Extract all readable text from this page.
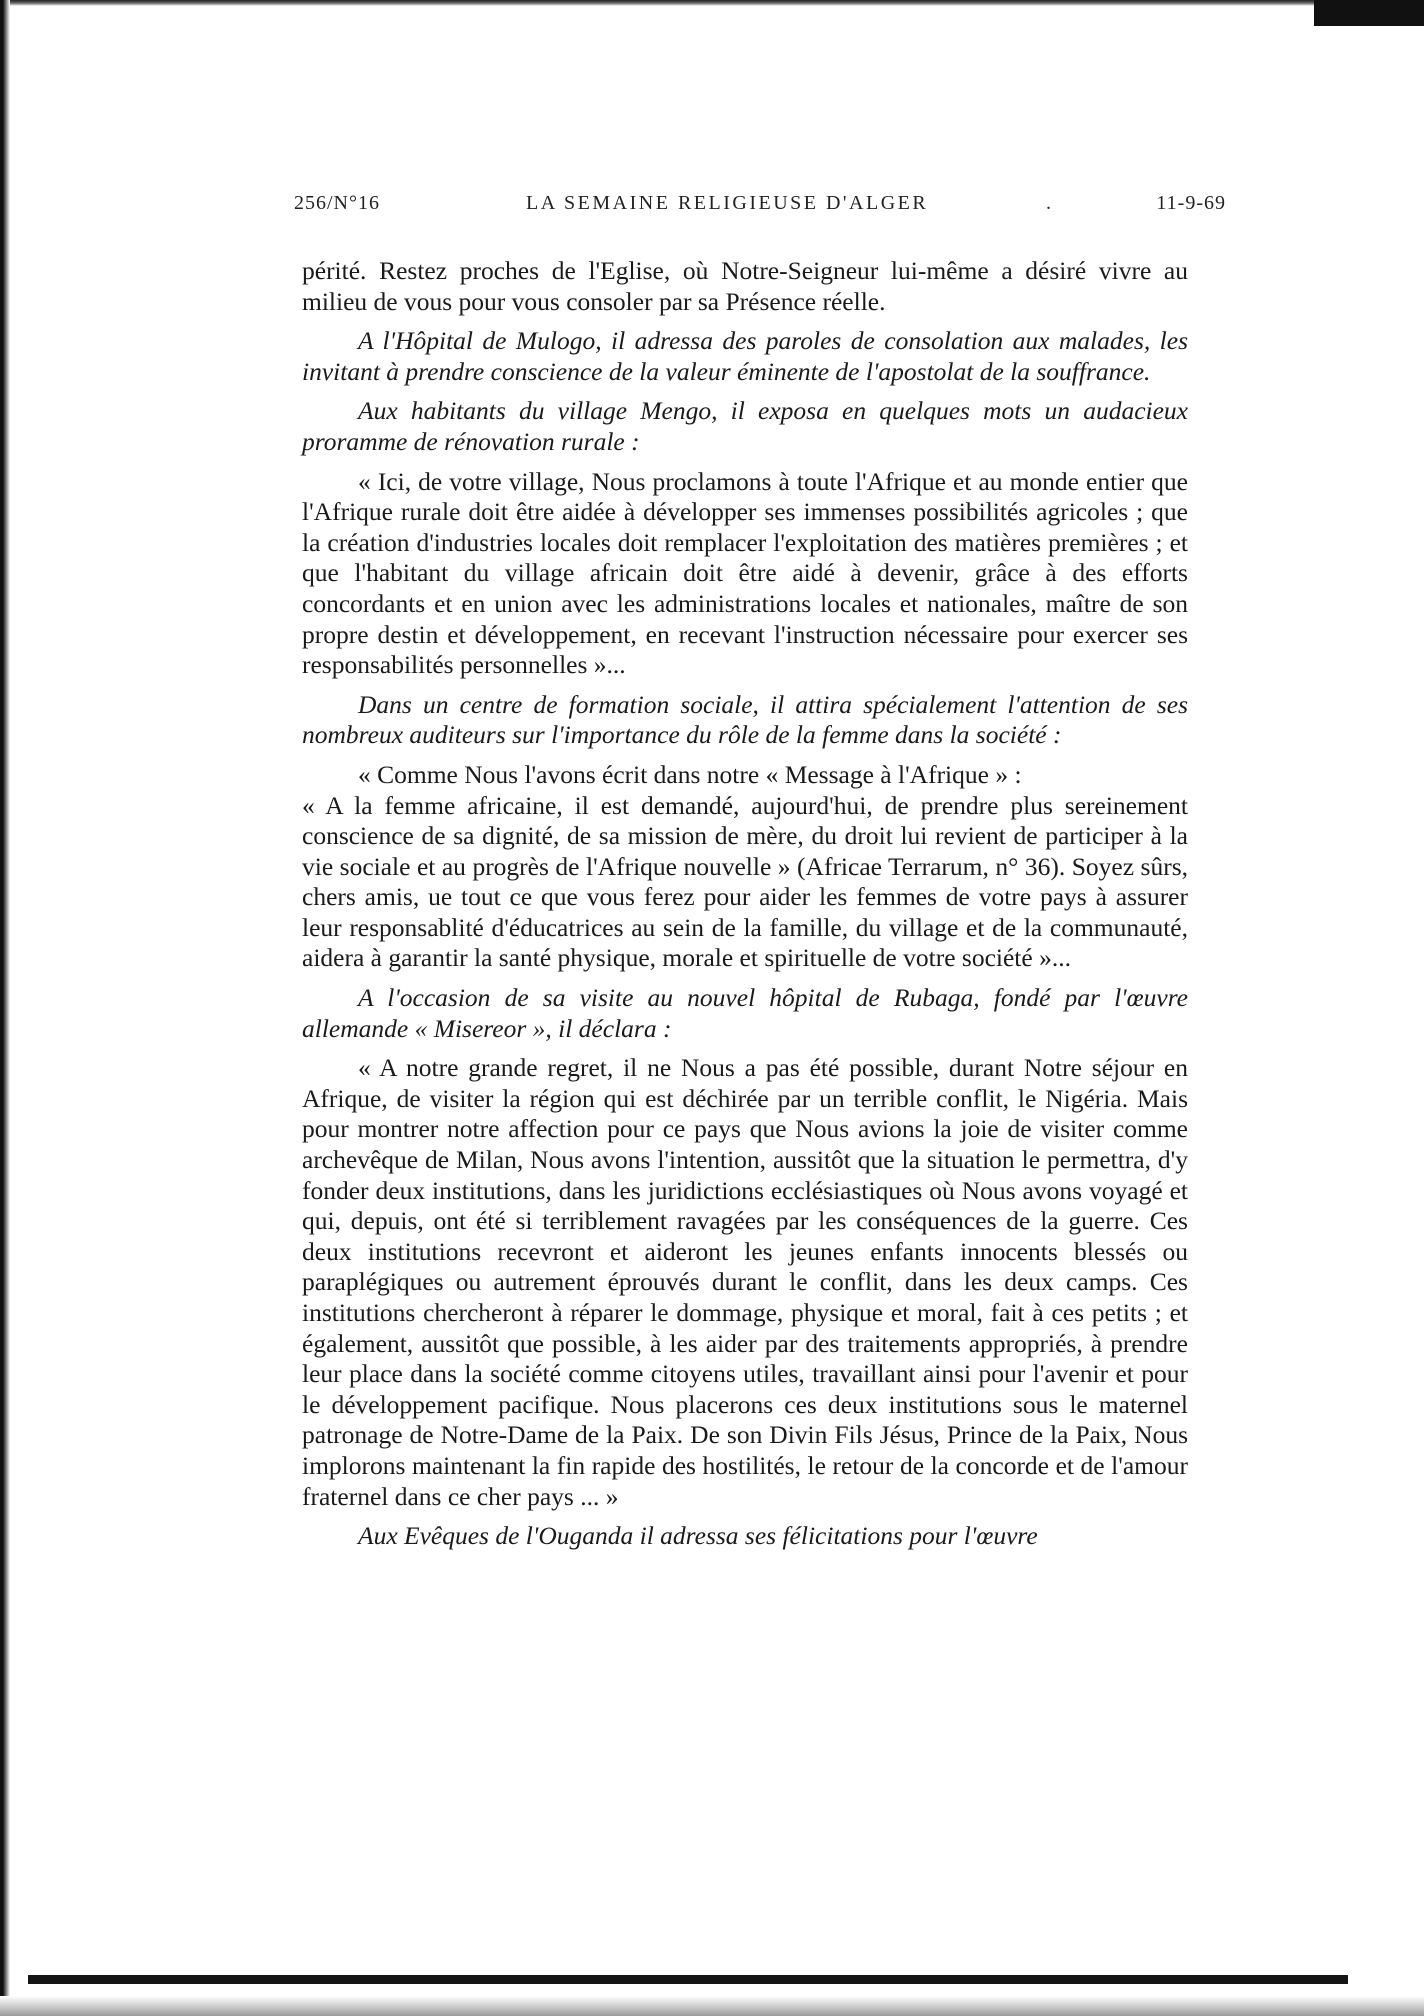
256/N°16	LA SEMAINE RELIGIEUSE D'ALGER	.	11-9-69

périté. Restez proches de l'Eglise, où Notre-Seigneur lui-même a désiré vivre au milieu de vous pour vous consoler par sa Présence réelle.

A l'Hôpital de Mulogo, il adressa des paroles de consolation aux malades, les invitant à prendre conscience de la valeur éminente de l'apostolat de la souffrance.

Aux habitants du village Mengo, il exposa en quelques mots un audacieux proramme de rénovation rurale :

« Ici, de votre village, Nous proclamons à toute l'Afrique et au monde entier que l'Afrique rurale doit être aidée à développer ses immenses possibilités agricoles ; que la création d'industries locales doit remplacer l'exploitation des matières premières ; et que l'habitant du village africain doit être aidé à devenir, grâce à des efforts concordants et en union avec les administrations locales et nationales, maître de son propre destin et développement, en recevant l'instruction nécessaire pour exercer ses responsabilités personnelles »...

Dans un centre de formation sociale, il attira spécialement l'attention de ses nombreux auditeurs sur l'importance du rôle de la femme dans la société :

« Comme Nous l'avons écrit dans notre « Message à l'Afrique » :

« A la femme africaine, il est demandé, aujourd'hui, de prendre plus sereinement conscience de sa dignité, de sa mission de mère, du droit lui revient de participer à la vie sociale et au progrès de l'Afrique nouvelle » (Africae Terrarum, n° 36). Soyez sûrs, chers amis, ue tout ce que vous ferez pour aider les femmes de votre pays à assurer leur responsablité d'éducatrices au sein de la famille, du village et de la communauté, aidera à garantir la santé physique, morale et spirituelle de votre société »...

A l'occasion de sa visite au nouvel hôpital de Rubaga, fondé par l'œuvre allemande « Misereor », il déclara :

« A notre grande regret, il ne Nous a pas été possible, durant Notre séjour en Afrique, de visiter la région qui est déchirée par un terrible conflit, le Nigéria. Mais pour montrer notre affection pour ce pays que Nous avions la joie de visiter comme archevêque de Milan, Nous avons l'intention, aussitôt que la situation le permettra, d'y fonder deux institutions, dans les juridictions ecclésiastiques où Nous avons voyagé et qui, depuis, ont été si terriblement ravagées par les conséquences de la guerre. Ces deux institutions recevront et aideront les jeunes enfants innocents blessés ou paraplégiques ou autrement éprouvés durant le conflit, dans les deux camps. Ces institutions chercheront à réparer le dommage, physique et moral, fait à ces petits ; et également, aussitôt que possible, à les aider par des traitements appropriés, à prendre leur place dans la société comme citoyens utiles, travaillant ainsi pour l'avenir et pour le développement pacifique. Nous placerons ces deux institutions sous le maternel patronage de Notre-Dame de la Paix. De son Divin Fils Jésus, Prince de la Paix, Nous implorons maintenant la fin rapide des hostilités, le retour de la concorde et de l'amour fraternel dans ce cher pays ... »

Aux Evêques de l'Ouganda il adressa ses félicitations pour l'œuvre
